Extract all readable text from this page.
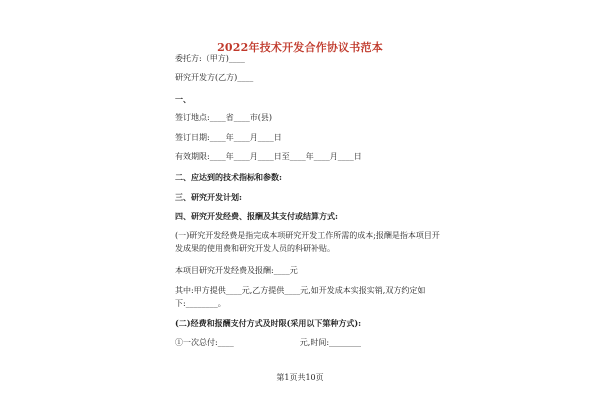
2022年技术开发合作协议书范本
委托方:（甲方)____
研究开发方(乙方)____
一、
签订地点:____省____市(县)
签订日期:____年____月____日
有效期限:____年____月____日至____年____月____日
二、应达到的技术指标和参数:
三、研究开发计划:
四、研究开发经费、报酬及其支付或结算方式:
(一)研究开发经费是指完成本项研究开发工作所需的成本;报酬是指本项目开发成果的使用费和研究开发人员的科研补贴。
本项目研究开发经费及报酬:____元
其中:甲方提供____元,乙方提供____元,如开发成本实报实销,双方约定如下:________。
(二)经费和报酬支付方式及时限(采用以下第种方式):
①一次总付:____                          元,时间:________
第1页共10页
